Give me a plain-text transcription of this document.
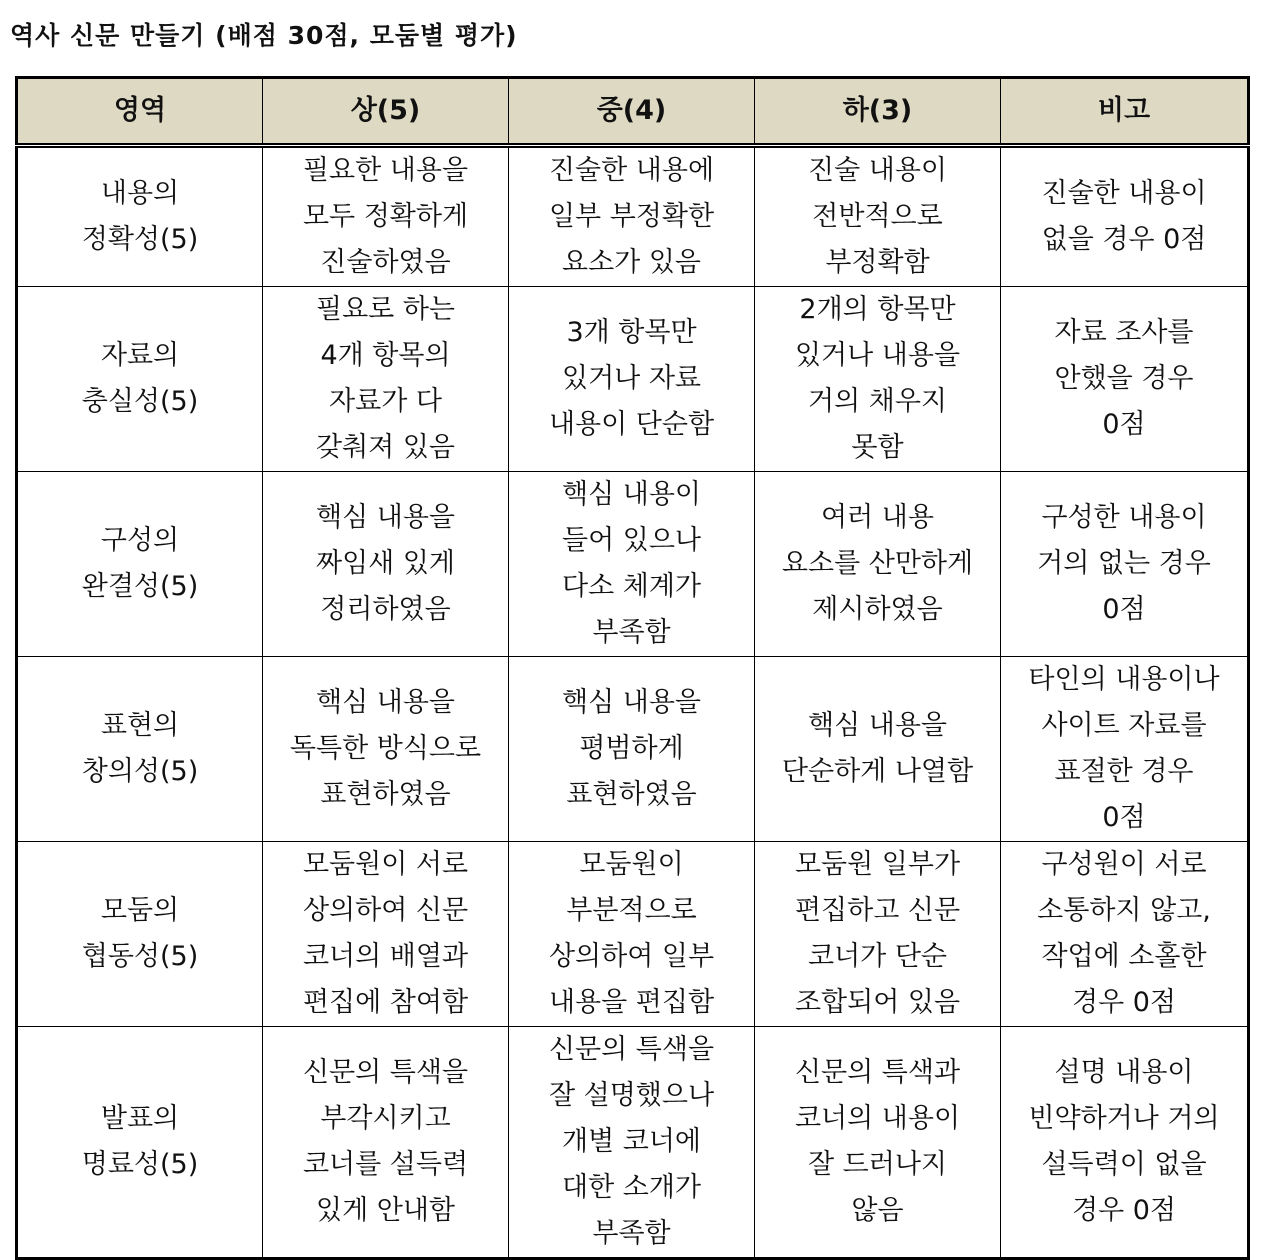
역사 신문 만들기 (배점 30점, 모둠별 평가)
영역	상(5)	중(4)	하(3)	비고

내용의
정확성(5)	필요한 내용을
모두 정확하게
진술하였음	진술한 내용에
일부 부정확한
요소가 있음	진술 내용이
전반적으로
부정확함	진술한 내용이
없을 경우 0점

자료의
충실성(5)	필요로 하는
4개 항목의
자료가 다
갖춰져 있음	3개 항목만
있거나 자료
내용이 단순함	2개의 항목만
있거나 내용을
거의 채우지
못함	자료 조사를
안했을 경우
0점

구성의
완결성(5)	핵심 내용을
짜임새 있게
정리하였음	핵심 내용이
들어 있으나
다소 체계가
부족함	여러 내용
요소를 산만하게
제시하였음	구성한 내용이
거의 없는 경우
0점

표현의
창의성(5)	핵심 내용을
독특한 방식으로
표현하였음	핵심 내용을
평범하게
표현하였음	핵심 내용을
단순하게 나열함	타인의 내용이나
사이트 자료를
표절한 경우
0점

모둠의
협동성(5)	모둠원이 서로
상의하여 신문
코너의 배열과
편집에 참여함	모둠원이
부분적으로
상의하여 일부
내용을 편집함	모둠원 일부가
편집하고 신문
코너가 단순
조합되어 있음	구성원이 서로
소통하지 않고,
작업에 소홀한
경우 0점

발표의
명료성(5)	신문의 특색을
부각시키고
코너를 설득력
있게 안내함	신문의 특색을
잘 설명했으나
개별 코너에
대한 소개가
부족함	신문의 특색과
코너의 내용이
잘 드러나지
않음	설명 내용이
빈약하거나 거의
설득력이 없을
경우 0점
